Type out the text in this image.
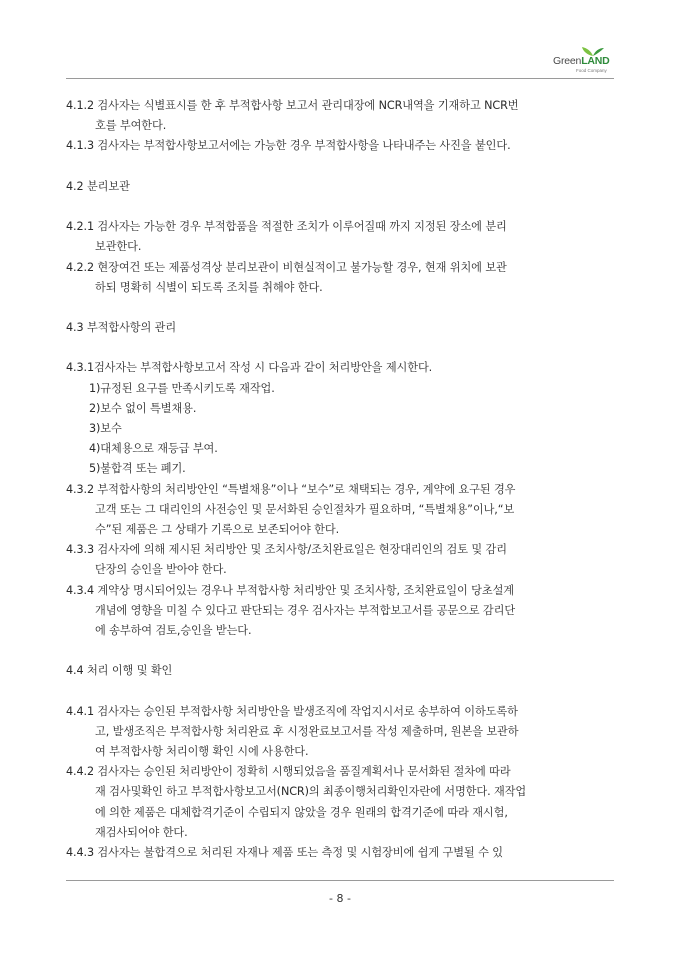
GreenLAND
Food Company
4.1.2 검사자는 식별표시를 한 후 부적합사항 보고서 관리대장에 NCR내역을 기재하고 NCR번
호를 부여한다.
4.1.3 검사자는 부적합사항보고서에는 가능한 경우 부적합사항을 나타내주는 사진을 붙인다.
4.2 분리보관
4.2.1 검사자는 가능한 경우 부적합품을 적절한 조치가 이루어질때 까지 지정된 장소에 분리
보관한다.
4.2.2 현장여건 또는 제품성격상 분리보관이 비현실적이고 불가능할 경우, 현재 위치에 보관
하되 명확히 식별이 되도록 조치를 취해야 한다.
4.3 부적합사항의 관리
4.3.1검사자는 부적합사항보고서 작성 시 다음과 같이 처리방안을 제시한다.
1)규정된 요구를 만족시키도록 재작업.
2)보수 없이 특별채용.
3)보수
4)대체용으로 재등급 부여.
5)불합격 또는 폐기.
4.3.2 부적합사항의 처리방안인 “특별채용”이나 “보수”로 채택되는 경우, 계약에 요구된 경우
고객 또는 그 대리인의 사전승인 및 문서화된 승인절차가 필요하며, “특별채용”이나,“보
수”된 제품은 그 상태가 기록으로 보존되어야 한다.
4.3.3 검사자에 의해 제시된 처리방안 및 조치사항/조치완료일은 현장대리인의 검토 및 감리
단장의 승인을 받아야 한다.
4.3.4 계약상 명시되어있는 경우나 부적합사항 처리방안 및 조치사항, 조치완료일이 당초설계
개념에 영향을 미칠 수 있다고 판단되는 경우 검사자는 부적합보고서를 공문으로 감리단
에 송부하여 검토,승인을 받는다.
4.4 처리 이행 및 확인
4.4.1 검사자는 승인된 부적합사항 처리방안을 발생조직에 작업지시서로 송부하여 이하도록하
고, 발생조직은 부적합사항 처리완료 후 시정완료보고서를 작성 제출하며, 원본을 보관하
여 부적합사항 처리이행 확인 시에 사용한다.
4.4.2 검사자는 승인된 처리방안이 정확히 시행되었음을 품질계획서나 문서화된 절차에 따라
재 검사및확인 하고 부적합사항보고서(NCR)의 최종이행처리확인자란에 서명한다. 재작업
에 의한 제품은 대체합격기준이 수립되지 않았을 경우 원래의 합격기준에 따라 재시험,
재검사되어야 한다.
4.4.3 검사자는 불합격으로 처리된 자재나 제품 또는 측정 및 시험장비에 쉽게 구별될 수 있
- 8 -
